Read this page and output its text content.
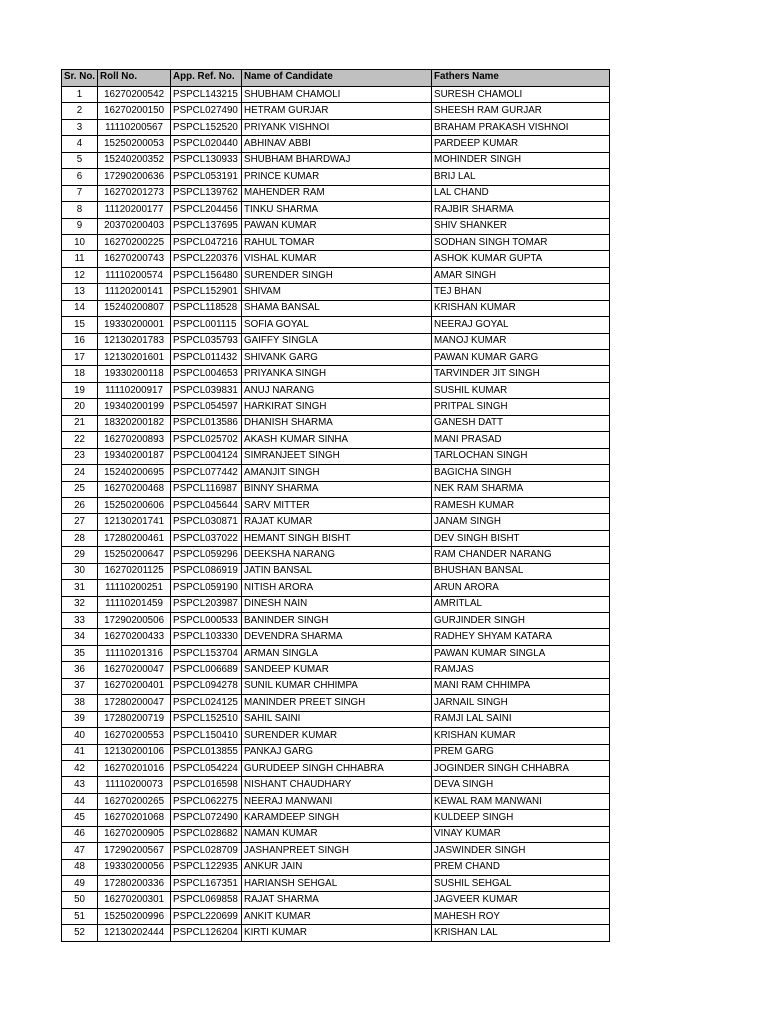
Sr. No.	Roll No.	App. Ref. No.	Name of Candidate	Fathers Name
1	16270200542	PSPCL143215	SHUBHAM CHAMOLI	SURESH CHAMOLI
2	16270200150	PSPCL027490	HETRAM GURJAR	SHEESH RAM GURJAR
3	11110200567	PSPCL152520	PRIYANK VISHNOI	BRAHAM PRAKASH VISHNOI
4	15250200053	PSPCL020440	ABHINAV ABBI	PARDEEP KUMAR
5	15240200352	PSPCL130933	SHUBHAM BHARDWAJ	MOHINDER SINGH
6	17290200636	PSPCL053191	PRINCE KUMAR	BRIJ LAL
7	16270201273	PSPCL139762	MAHENDER RAM	LAL CHAND
8	11120200177	PSPCL204456	TINKU SHARMA	RAJBIR SHARMA
9	20370200403	PSPCL137695	PAWAN KUMAR	SHIV SHANKER
10	16270200225	PSPCL047216	RAHUL TOMAR	SODHAN SINGH TOMAR
11	16270200743	PSPCL220376	VISHAL KUMAR	ASHOK KUMAR GUPTA
12	11110200574	PSPCL156480	SURENDER SINGH	AMAR SINGH
13	11120200141	PSPCL152901	SHIVAM	TEJ BHAN
14	15240200807	PSPCL118528	SHAMA BANSAL	KRISHAN KUMAR
15	19330200001	PSPCL001115	SOFIA GOYAL	NEERAJ GOYAL
16	12130201783	PSPCL035793	GAIFFY SINGLA	MANOJ KUMAR
17	12130201601	PSPCL011432	SHIVANK GARG	PAWAN KUMAR GARG
18	19330200118	PSPCL004653	PRIYANKA SINGH	TARVINDER JIT SINGH
19	11110200917	PSPCL039831	ANUJ NARANG	SUSHIL KUMAR
20	19340200199	PSPCL054597	HARKIRAT SINGH	PRITPAL SINGH
21	18320200182	PSPCL013586	DHANISH SHARMA	GANESH DATT
22	16270200893	PSPCL025702	AKASH KUMAR SINHA	MANI PRASAD
23	19340200187	PSPCL004124	SIMRANJEET SINGH	TARLOCHAN SINGH
24	15240200695	PSPCL077442	AMANJIT SINGH	BAGICHA SINGH
25	16270200468	PSPCL116987	BINNY SHARMA	NEK RAM SHARMA
26	15250200606	PSPCL045644	SARV MITTER	RAMESH KUMAR
27	12130201741	PSPCL030871	RAJAT KUMAR	JANAM SINGH
28	17280200461	PSPCL037022	HEMANT SINGH BISHT	DEV SINGH BISHT
29	15250200647	PSPCL059296	DEEKSHA NARANG	RAM CHANDER NARANG
30	16270201125	PSPCL086919	JATIN BANSAL	BHUSHAN BANSAL
31	11110200251	PSPCL059190	NITISH ARORA	ARUN ARORA
32	11110201459	PSPCL203987	DINESH NAIN	AMRITLAL
33	17290200506	PSPCL000533	BANINDER SINGH	GURJINDER SINGH
34	16270200433	PSPCL103330	DEVENDRA SHARMA	RADHEY SHYAM KATARA
35	11110201316	PSPCL153704	ARMAN SINGLA	PAWAN KUMAR SINGLA
36	16270200047	PSPCL006689	SANDEEP KUMAR	RAMJAS
37	16270200401	PSPCL094278	SUNIL KUMAR CHHIMPA	MANI RAM CHHIMPA
38	17280200047	PSPCL024125	MANINDER PREET SINGH	JARNAIL SINGH
39	17280200719	PSPCL152510	SAHIL SAINI	RAMJI LAL SAINI
40	16270200553	PSPCL150410	SURENDER KUMAR	KRISHAN KUMAR
41	12130200106	PSPCL013855	PANKAJ GARG	PREM GARG
42	16270201016	PSPCL054224	GURUDEEP SINGH CHHABRA	JOGINDER SINGH CHHABRA
43	11110200073	PSPCL016598	NISHANT CHAUDHARY	DEVA SINGH
44	16270200265	PSPCL062275	NEERAJ MANWANI	KEWAL RAM MANWANI
45	16270201068	PSPCL072490	KARAMDEEP SINGH	KULDEEP SINGH
46	16270200905	PSPCL028682	NAMAN KUMAR	VINAY KUMAR
47	17290200567	PSPCL028709	JASHANPREET SINGH	JASWINDER SINGH
48	19330200056	PSPCL122935	ANKUR JAIN	PREM CHAND
49	17280200336	PSPCL167351	HARIANSH SEHGAL	SUSHIL SEHGAL
50	16270200301	PSPCL069858	RAJAT SHARMA	JAGVEER KUMAR
51	15250200996	PSPCL220699	ANKIT KUMAR	MAHESH ROY
52	12130202444	PSPCL126204	KIRTI KUMAR	KRISHAN LAL
